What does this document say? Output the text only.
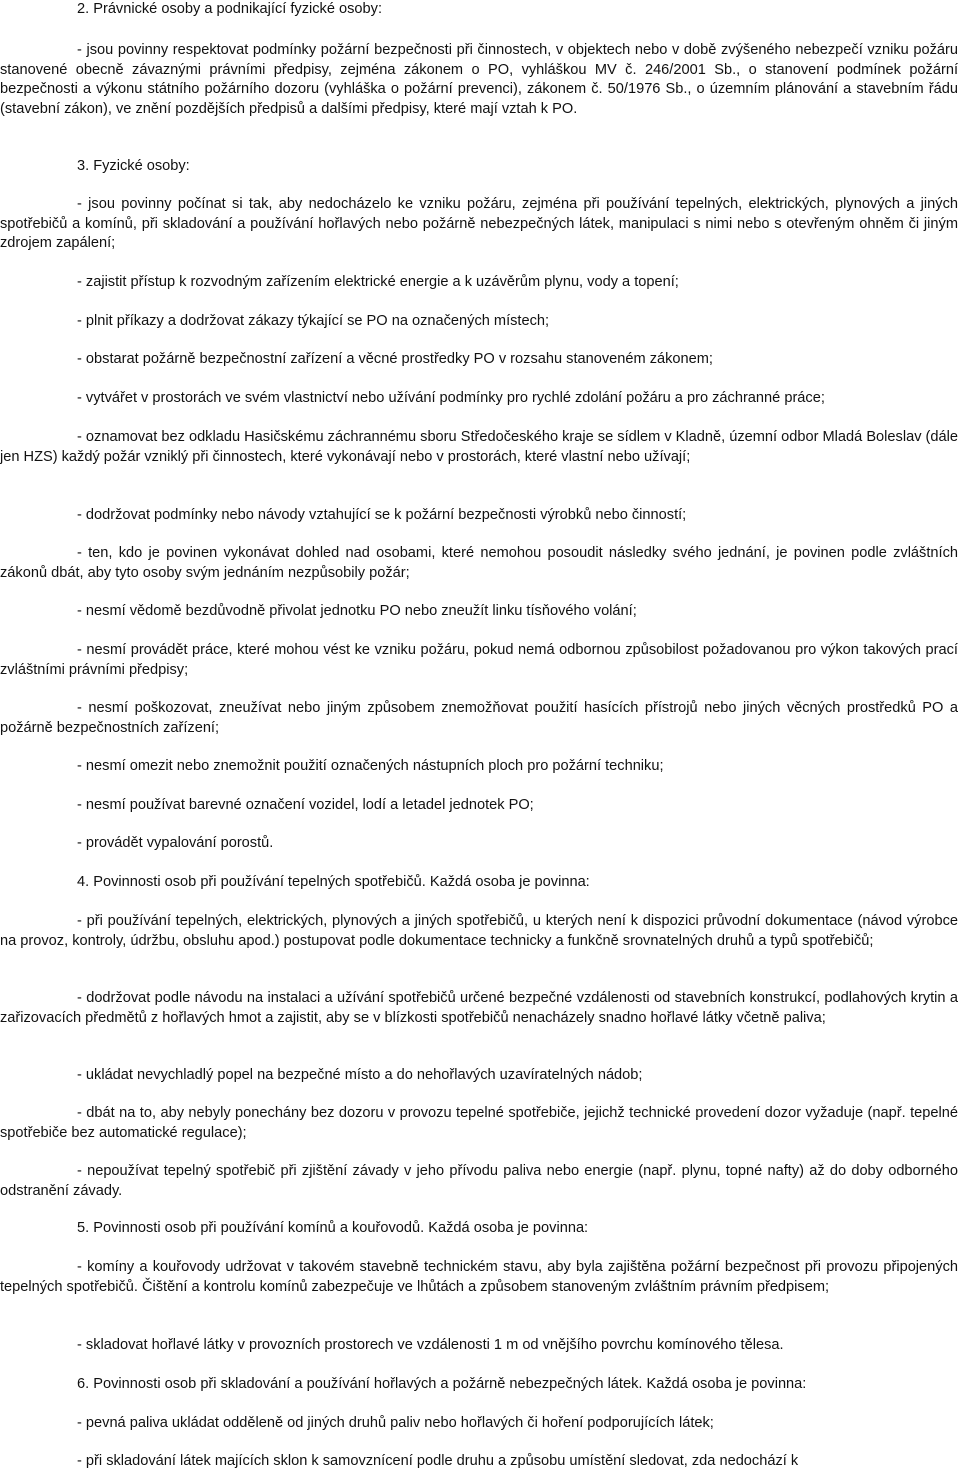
2. Právnické osoby a podnikající fyzické osoby:

- jsou povinny respektovat podmínky požární bezpečnosti při činnostech, v objektech nebo v době zvýšeného nebezpečí vzniku požáru stanovené obecně závaznými právními předpisy, zejména zákonem o PO, vyhláškou MV č. 246/2001 Sb., o stanovení podmínek požární bezpečnosti a výkonu státního požárního dozoru (vyhláška o požární prevenci), zákonem č. 50/1976 Sb., o územním plánování a stavebním řádu (stavební zákon), ve znění pozdějších předpisů a dalšími předpisy, které mají vztah k PO.

3. Fyzické osoby:

- jsou povinny počínat si tak, aby nedocházelo ke vzniku požáru, zejména při používání tepelných, elektrických, plynových a jiných spotřebičů a komínů, při skladování a používání hořlavých nebo požárně nebezpečných látek, manipulaci s nimi nebo s otevřeným ohněm či jiným zdrojem zapálení;

- zajistit přístup k rozvodným zařízením elektrické energie a k uzávěrům plynu, vody a topení;

- plnit příkazy a dodržovat zákazy týkající se PO na označených místech;

- obstarat požárně bezpečnostní zařízení a věcné prostředky PO v rozsahu stanoveném zákonem;

- vytvářet v prostorách ve svém vlastnictví nebo užívání podmínky pro rychlé zdolání požáru a pro záchranné práce;

- oznamovat bez odkladu Hasičskému záchrannému sboru Středočeského kraje se sídlem v Kladně, územní odbor Mladá Boleslav (dále jen HZS) každý požár vzniklý při činnostech, které vykonávají nebo v prostorách, které vlastní nebo užívají;

- dodržovat podmínky nebo návody vztahující se k požární bezpečnosti výrobků nebo činností;

- ten, kdo je povinen vykonávat dohled nad osobami, které nemohou posoudit následky svého jednání, je povinen podle zvláštních zákonů dbát, aby tyto osoby svým jednáním nezpůsobily požár;

- nesmí vědomě bezdůvodně přivolat jednotku PO nebo zneužít linku tísňového volání;

- nesmí provádět práce, které mohou vést ke vzniku požáru, pokud nemá odbornou způsobilost požadovanou pro výkon takových prací zvláštními právními předpisy;

- nesmí poškozovat, zneužívat nebo jiným způsobem znemožňovat použití hasících přístrojů nebo jiných věcných prostředků PO a požárně bezpečnostních zařízení;

- nesmí omezit nebo znemožnit použití označených nástupních ploch pro požární techniku;

- nesmí používat barevné označení vozidel, lodí a letadel jednotek PO;

- provádět vypalování porostů.

4. Povinnosti osob při používání tepelných spotřebičů. Každá osoba je povinna:

- při používání tepelných, elektrických, plynových a jiných spotřebičů, u kterých není k dispozici průvodní dokumentace (návod výrobce na provoz, kontroly, údržbu, obsluhu apod.) postupovat podle dokumentace technicky a funkčně srovnatelných druhů a typů spotřebičů;

- dodržovat podle návodu na instalaci a užívání spotřebičů určené bezpečné vzdálenosti od stavebních konstrukcí, podlahových krytin a zařizovacích předmětů z hořlavých hmot a zajistit, aby se v blízkosti spotřebičů nenacházely snadno hořlavé látky včetně paliva;

- ukládat nevychladlý popel na bezpečné místo a do nehořlavých uzavíratelných nádob;

- dbát na to, aby nebyly ponechány bez dozoru v provozu tepelné spotřebiče, jejichž technické provedení dozor vyžaduje (např. tepelné spotřebiče bez automatické regulace);

- nepoužívat tepelný spotřebič při zjištění závady v jeho přívodu paliva nebo energie (např. plynu, topné nafty) až do doby odborného odstranění závady.

5. Povinnosti osob při používání komínů a kouřovodů. Každá osoba je povinna:

- komíny a kouřovody udržovat v takovém stavebně technickém stavu, aby byla zajištěna požární bezpečnost při provozu připojených tepelných spotřebičů. Čištění a kontrolu komínů zabezpečuje ve lhůtách a způsobem stanoveným zvláštním právním předpisem;

- skladovat hořlavé látky v provozních prostorech ve vzdálenosti 1 m od vnějšího povrchu komínového tělesa.

6. Povinnosti osob při skladování a používání hořlavých a požárně nebezpečných látek. Každá osoba je povinna:

- pevná paliva ukládat odděleně od jiných druhů paliv nebo hořlavých či hoření podporujících látek;

- při skladování látek majících sklon k samovznícení podle druhu a způsobu umístění sledovat, zda nedochází k
